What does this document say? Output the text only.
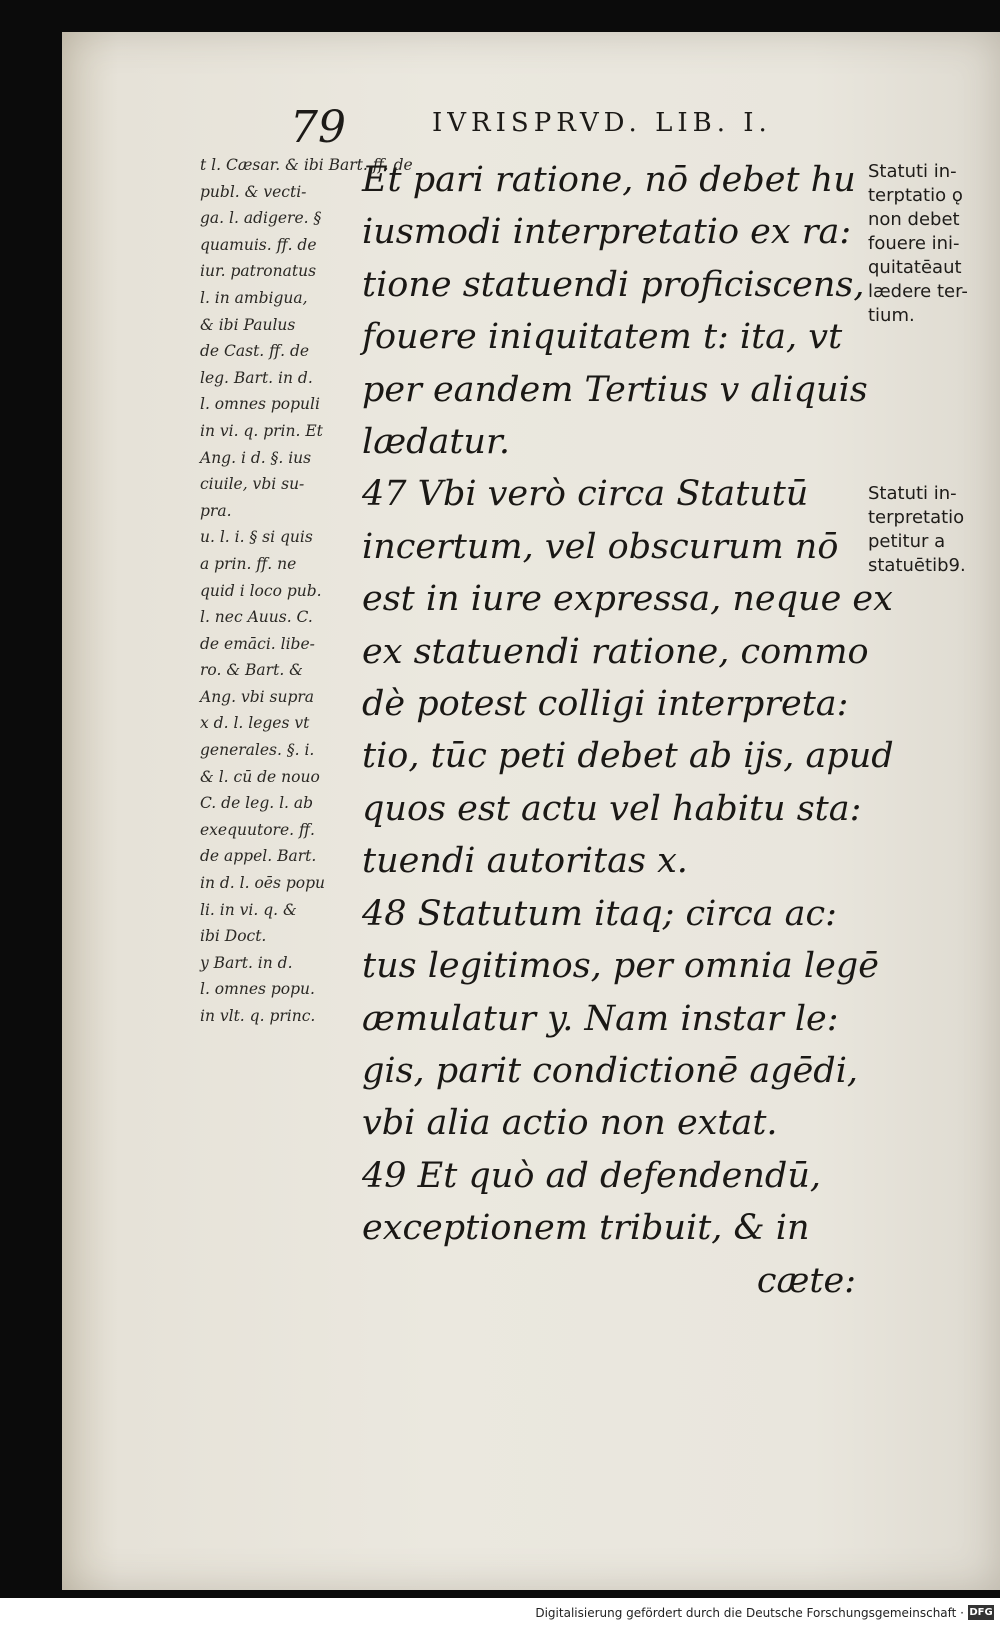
79	IVRISPRVD. LIB. I.
t l. Cæsar. & ibi Bart. ff. de
publ. & vecti-
ga. l. adigere. §
quamuis. ff. de
iur. patronatus
l. in ambigua,
& ibi Paulus
de Cast. ff. de
leg. Bart. in d.
l. omnes populi
in vi. q. prin. Et
Ang. i d. §. ius
ciuile, vbi su-
pra.
u. l. i. § si quis
a prin. ff. ne
quid i loco pub.
l. nec Auus. C.
de emāci. libe-
ro. & Bart. &
Ang. vbi supra
x d. l. leges vt
generales. §. i.
& l. cū de nouo
C. de leg. l. ab
exequutore. ff.
de appel. Bart.
in d. l. oēs popu
li. in vi. q. &
ibi Doct.
y Bart. in d.
l. omnes popu.
in vlt. q. princ.
Et pari ratione, nō debet hu
iusmodi interpretatio ex ra:
tione statuendi proficiscens,
fouere iniquitatem t: ita, vt
per eandem Tertius v aliquis
lædatur.
47 Vbi verò circa Statutū
incertum, vel obscurum nō
est in iure expressa, neque ex
ex statuendi ratione, commo
dè potest colligi interpreta:
tio, tūc peti debet ab ijs, apud
quos est actu vel habitu sta:
tuendi autoritas x.
48 Statutum itaq; circa ac:
tus legitimos, per omnia legē
æmulatur y. Nam instar le:
gis, parit condictionē agēdi,
vbi alia actio non extat.
49 Et quò ad defendendū,
exceptionem tribuit, & in
cæte:
Statuti in-
terptatio ǫ
non debet
fouere ini-
quitatēaut
lædere ter-
tium.
Statuti in-
terpretatio
petitur a
statuētib9.
Digitalisierung gefördert durch die Deutsche Forschungsgemeinschaft · DFG
